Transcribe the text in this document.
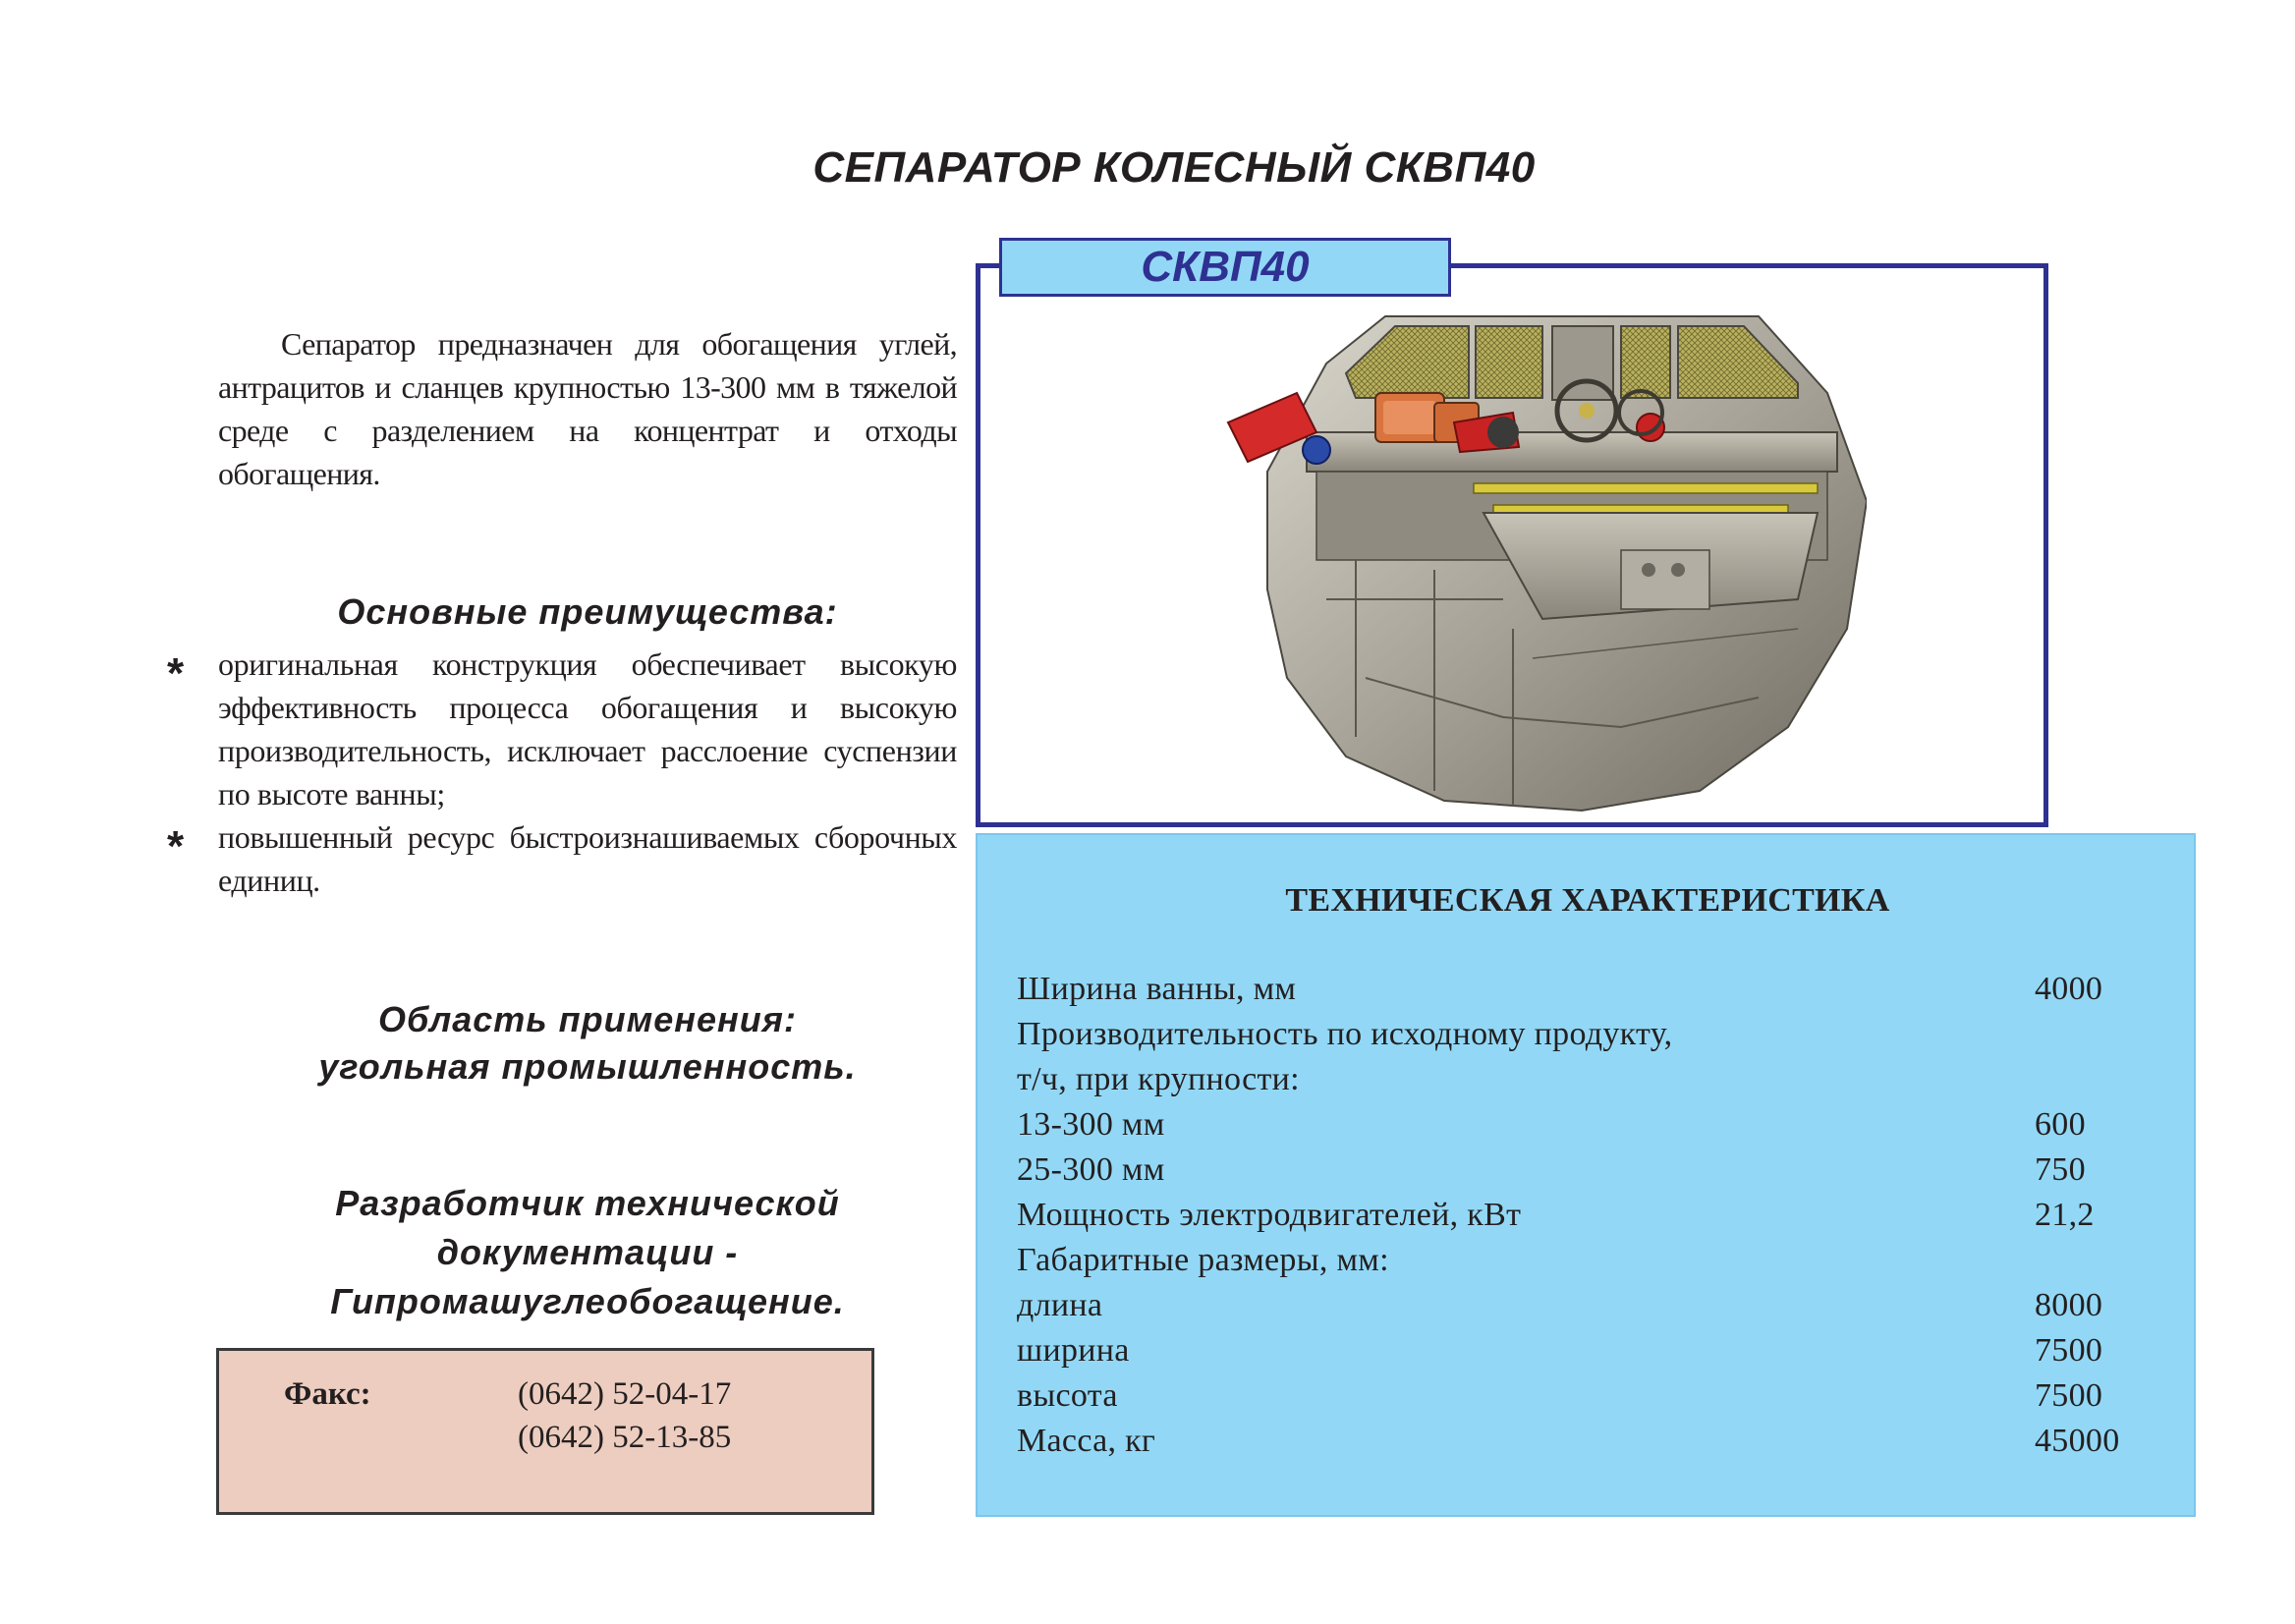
СЕПАРАТОР КОЛЕСНЫЙ СКВП40
Сепаратор предназначен для обогащения углей, антрацитов и сланцев крупностью 13-300 мм в тяжелой среде с разделением на концентрат и отходы обогащения.
Основные преимущества:
* оригинальная конструкция обеспечивает высокую эффективность процесса обогащения и высокую производительность, исключает расслоение суспензии по высоте ванны;
* повышенный ресурс быстроизнашиваемых сборочных единиц.
Область применения:
угольная промышленность.
Разработчик технической
документации -
Гипромашуглеобогащение.
Факс:	(0642) 52-04-17
(0642) 52-13-85
СКВП40
ТЕХНИЧЕСКАЯ ХАРАКТЕРИСТИКА
Ширина ванны, мм	4000
Производительность по исходному продукту,
т/ч, при крупности:
13-300 мм	600
25-300 мм	750
Мощность электродвигателей, кВт	21,2
Габаритные размеры, мм:
длина	8000
ширина	7500
высота	7500
Масса, кг	45000
